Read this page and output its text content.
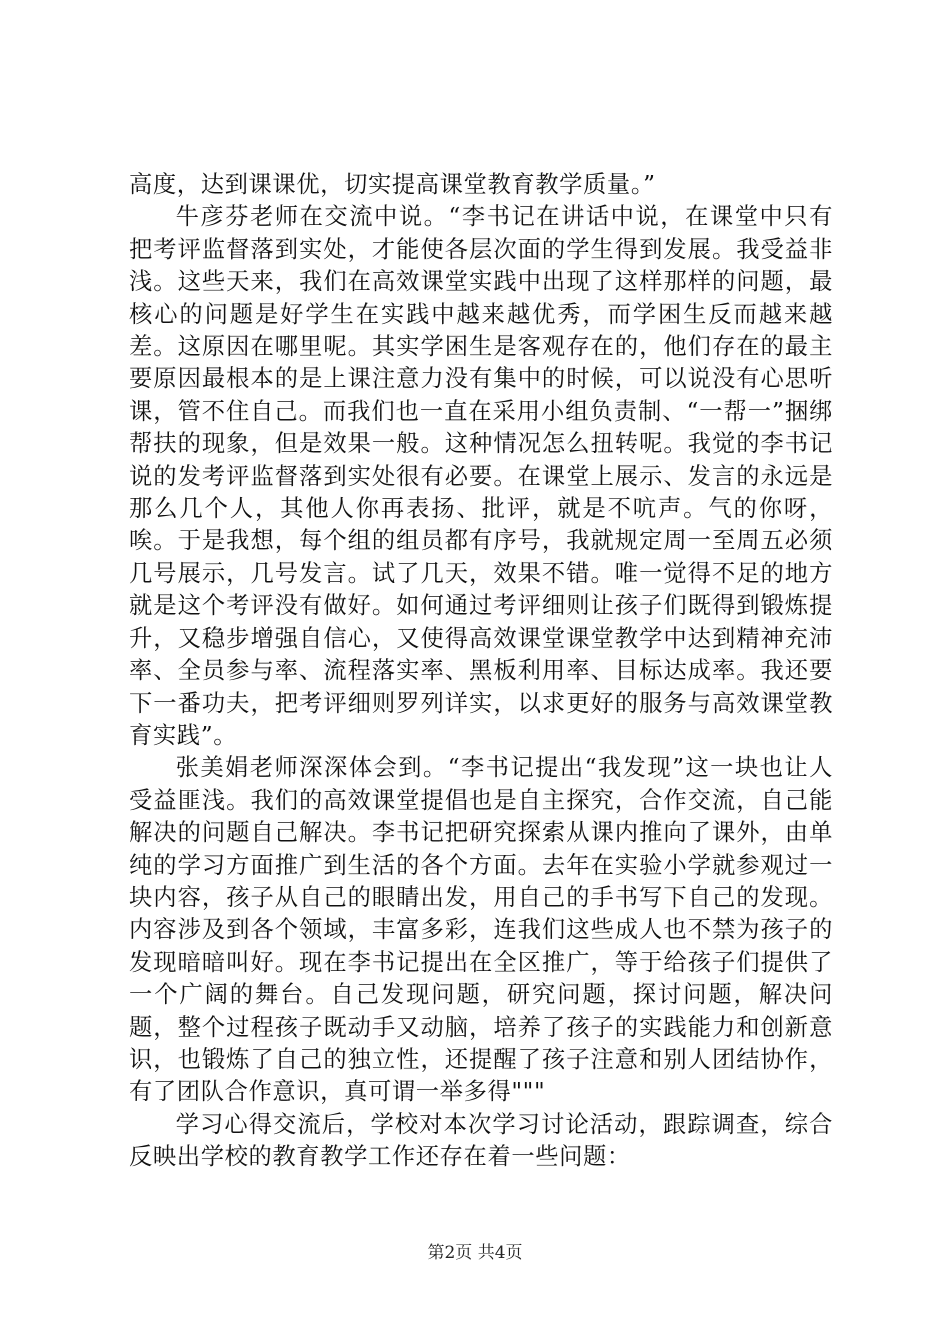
高度，达到课课优，切实提高课堂教育教学质量。”

牛彦芬老师在交流中说。“李书记在讲话中说，在课堂中只有把考评监督落到实处，才能使各层次面的学生得到发展。我受益非浅。这些天来，我们在高效课堂实践中出现了这样那样的问题，最核心的问题是好学生在实践中越来越优秀，而学困生反而越来越差。这原因在哪里呢。其实学困生是客观存在的，他们存在的最主要原因最根本的是上课注意力没有集中的时候，可以说没有心思听课，管不住自己。而我们也一直在采用小组负责制、“一帮一”捆绑帮扶的现象，但是效果一般。这种情况怎么扭转呢。我觉的李书记说的发考评监督落到实处很有必要。在课堂上展示、发言的永远是那么几个人，其他人你再表扬、批评，就是不吭声。气的你呀，唉。于是我想，每个组的组员都有序号，我就规定周一至周五必须几号展示，几号发言。试了几天，效果不错。唯一觉得不足的地方就是这个考评没有做好。如何通过考评细则让孩子们既得到锻炼提升，又稳步增强自信心，又使得高效课堂课堂教学中达到精神充沛率、全员参与率、流程落实率、黑板利用率、目标达成率。我还要下一番功夫，把考评细则罗列详实，以求更好的服务与高效课堂教育实践”。

张美娟老师深深体会到。“李书记提出“我发现”这一块也让人受益匪浅。我们的高效课堂提倡也是自主探究，合作交流，自己能解决的问题自己解决。李书记把研究探索从课内推向了课外，由单纯的学习方面推广到生活的各个方面。去年在实验小学就参观过一块内容，孩子从自己的眼睛出发，用自己的手书写下自己的发现。内容涉及到各个领域，丰富多彩，连我们这些成人也不禁为孩子的发现暗暗叫好。现在李书记提出在全区推广，等于给孩子们提供了一个广阔的舞台。自己发现问题，研究问题，探讨问题，解决问题，整个过程孩子既动手又动脑，培养了孩子的实践能力和创新意识，也锻炼了自己的独立性，还提醒了孩子注意和别人团结协作，有了团队合作意识，真可谓一举多得"""

学习心得交流后，学校对本次学习讨论活动，跟踪调查，综合反映出学校的教育教学工作还存在着一些问题：

第2页 共4页
